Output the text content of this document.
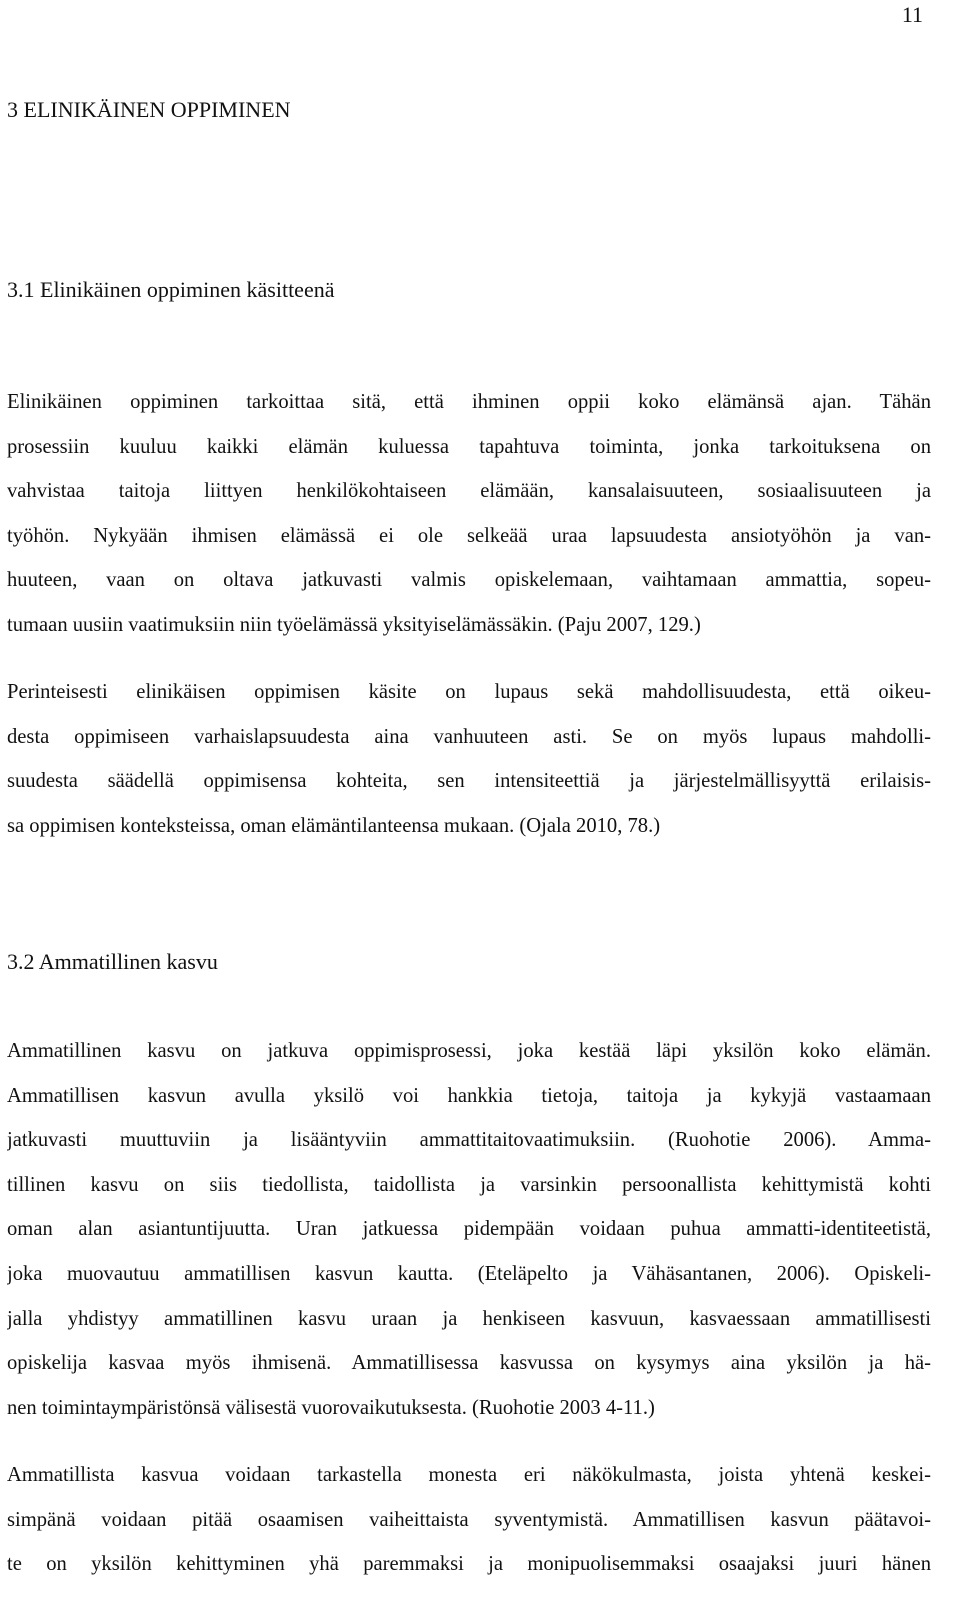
11
3 ELINIKÄINEN OPPIMINEN
3.1 Elinikäinen oppiminen käsitteenä

Elinikäinen oppiminen tarkoittaa sitä, että ihminen oppii koko elämänsä ajan. Tähän
prosessiin kuuluu kaikki elämän kuluessa tapahtuva toiminta, jonka tarkoituksena on
vahvistaa taitoja liittyen henkilökohtaiseen elämään, kansalaisuuteen, sosiaalisuuteen ja
työhön. Nykyään ihmisen elämässä ei ole selkeää uraa lapsuudesta ansiotyöhön ja van-
huuteen, vaan on oltava jatkuvasti valmis opiskelemaan, vaihtamaan ammattia, sopeu-
tumaan uusiin vaatimuksiin niin työelämässä yksityiselämässäkin. (Paju 2007, 129.)

Perinteisesti elinikäisen oppimisen käsite on lupaus sekä mahdollisuudesta, että oikeu-
desta oppimiseen varhaislapsuudesta aina vanhuuteen asti. Se on myös lupaus mahdolli-
suudesta säädellä oppimisensa kohteita, sen intensiteettiä ja järjestelmällisyyttä erilaisis-
sa oppimisen konteksteissa, oman elämäntilanteensa mukaan. (Ojala 2010, 78.)

3.2 Ammatillinen kasvu

Ammatillinen kasvu on jatkuva oppimisprosessi, joka kestää läpi yksilön koko elämän.
Ammatillisen kasvun avulla yksilö voi hankkia tietoja, taitoja ja kykyjä vastaamaan
jatkuvasti muuttuviin ja lisääntyviin ammattitaitovaatimuksiin. (Ruohotie 2006). Amma-
tillinen kasvu on siis tiedollista, taidollista ja varsinkin persoonallista kehittymistä kohti
oman alan asiantuntijuutta. Uran jatkuessa pidempään voidaan puhua ammatti-identiteetistä,
joka muovautuu ammatillisen kasvun kautta. (Eteläpelto ja Vähäsantanen, 2006). Opiskeli-
jalla yhdistyy ammatillinen kasvu uraan ja henkiseen kasvuun, kasvaessaan ammatillisesti
opiskelija kasvaa myös ihmisenä. Ammatillisessa kasvussa on kysymys aina yksilön ja hä-
nen toimintaympäristönsä välisestä vuorovaikutuksesta. (Ruohotie 2003 4-11.)

Ammatillista kasvua voidaan tarkastella monesta eri näkökulmasta, joista yhtenä keskei-
simpänä voidaan pitää osaamisen vaiheittaista syventymistä. Ammatillisen kasvun päätavoi-
te on yksilön kehittyminen yhä paremmaksi ja monipuolisemmaksi osaajaksi juuri hänen
